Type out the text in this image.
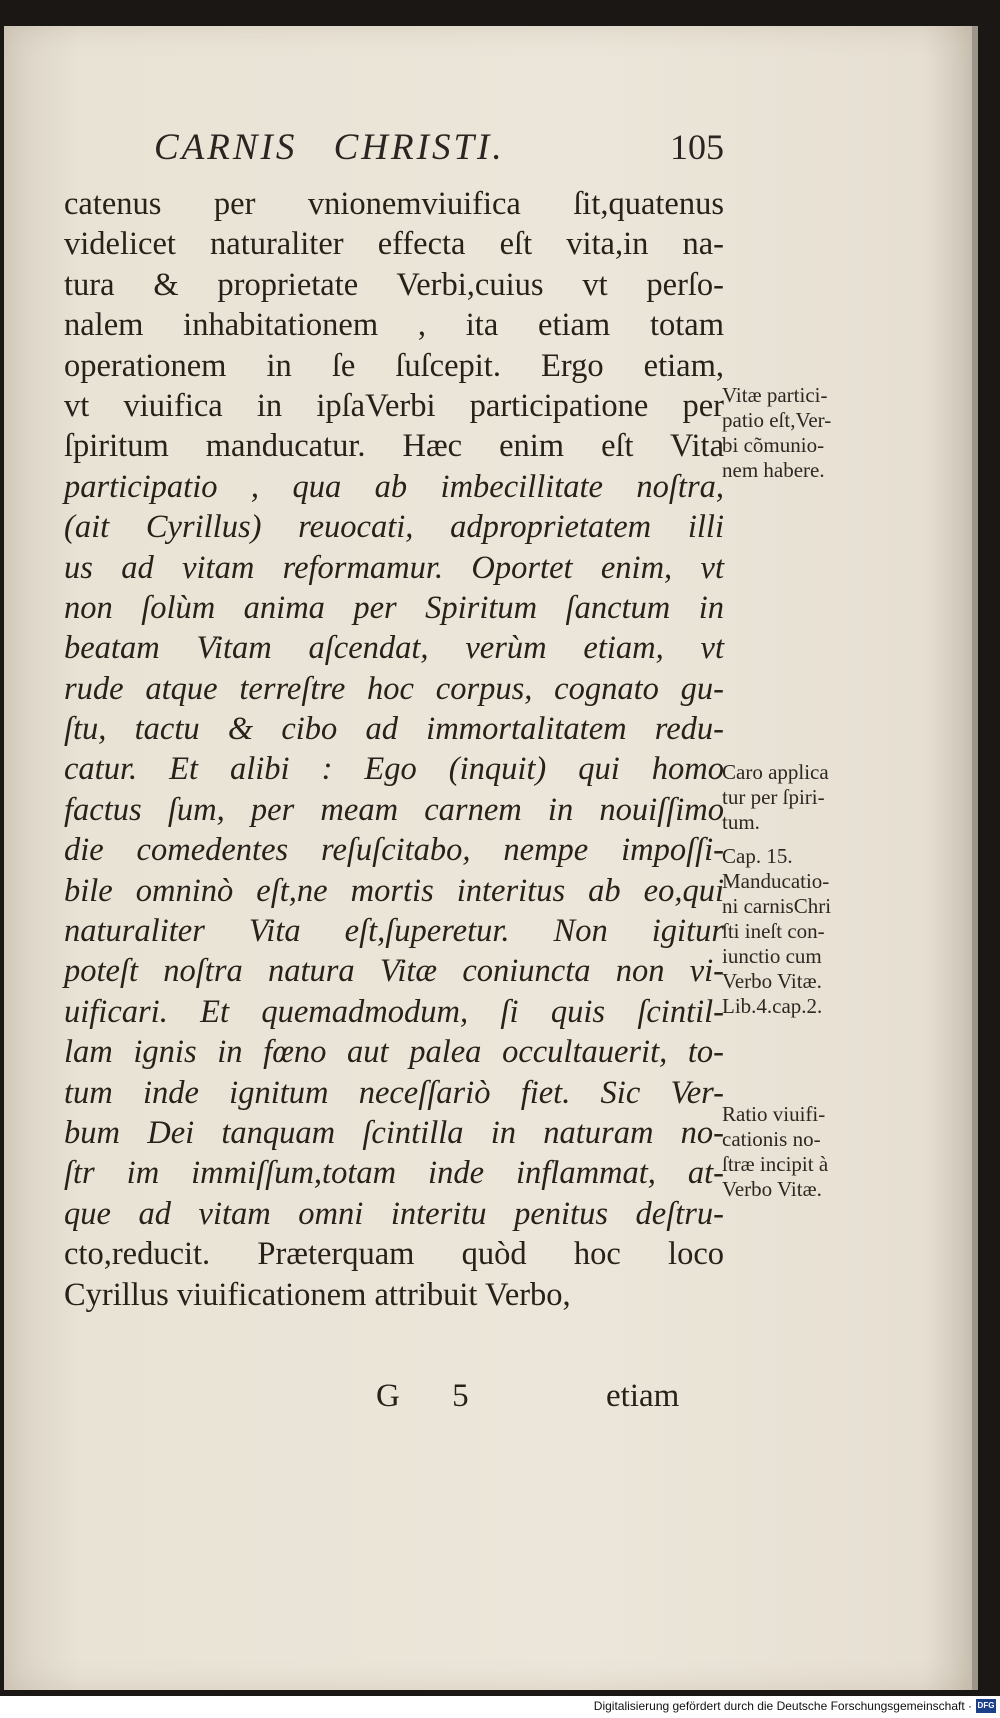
CARNIS CHRISTI.	105
catenus per vnionemviuifica ſit,quatenus
videlicet naturaliter effecta eſt vita,in na-
tura & proprietate Verbi,cuius vt perſo-
nalem inhabitationem , ita etiam totam
operationem in ſe ſuſcepit. Ergo etiam,
vt viuifica in ipſaVerbi participatione per
ſpiritum manducatur. Hæc enim eſt Vita
participatio , qua ab imbecillitate noſtra,
(ait Cyrillus) reuocati, adproprietatem illi
us ad vitam reformamur. Oportet enim, vt
non ſolùm anima per Spiritum ſanctum in
beatam Vitam aſcendat, verùm etiam, vt
rude atque terreſtre hoc corpus, cognato gu-
ſtu, tactu & cibo ad immortalitatem redu-
catur. Et alibi : Ego (inquit) qui homo
factus ſum, per meam carnem in nouiſſimo
die comedentes reſuſcitabo, nempe impoſſi-
bile omninò eſt,ne mortis interitus ab eo,qui
naturaliter Vita eſt,ſuperetur. Non igitur
poteſt noſtra natura Vitæ coniuncta non vi-
uificari. Et quemadmodum, ſi quis ſcintil-
lam ignis in fœno aut palea occultauerit, to-
tum inde ignitum neceſſariò fiet. Sic Ver-
bum Dei tanquam ſcintilla in naturam no-
ſtr im immiſſum,totam inde inflammat, at-
que ad vitam omni interitu penitus deſtru-
cto,reducit. Præterquam quòd hoc loco
Cyrillus viuificationem attribuit Verbo,
Vitæ partici-
patio eſt,Ver-
bi cõmunio-
nem habere.
Caro applica
tur per ſpiri-
tum.
Cap. 15.
Manducatio-
ni carnisChri
ſti ineſt con-
iunctio cum
Verbo Vitæ.
Lib.4.cap.2.
Ratio viuifi-
cationis no-
ſtræ incipit à
Verbo Vitæ.
G 5	etiam
Digitalisierung gefördert durch die Deutsche Forschungsgemeinschaft · DFG
